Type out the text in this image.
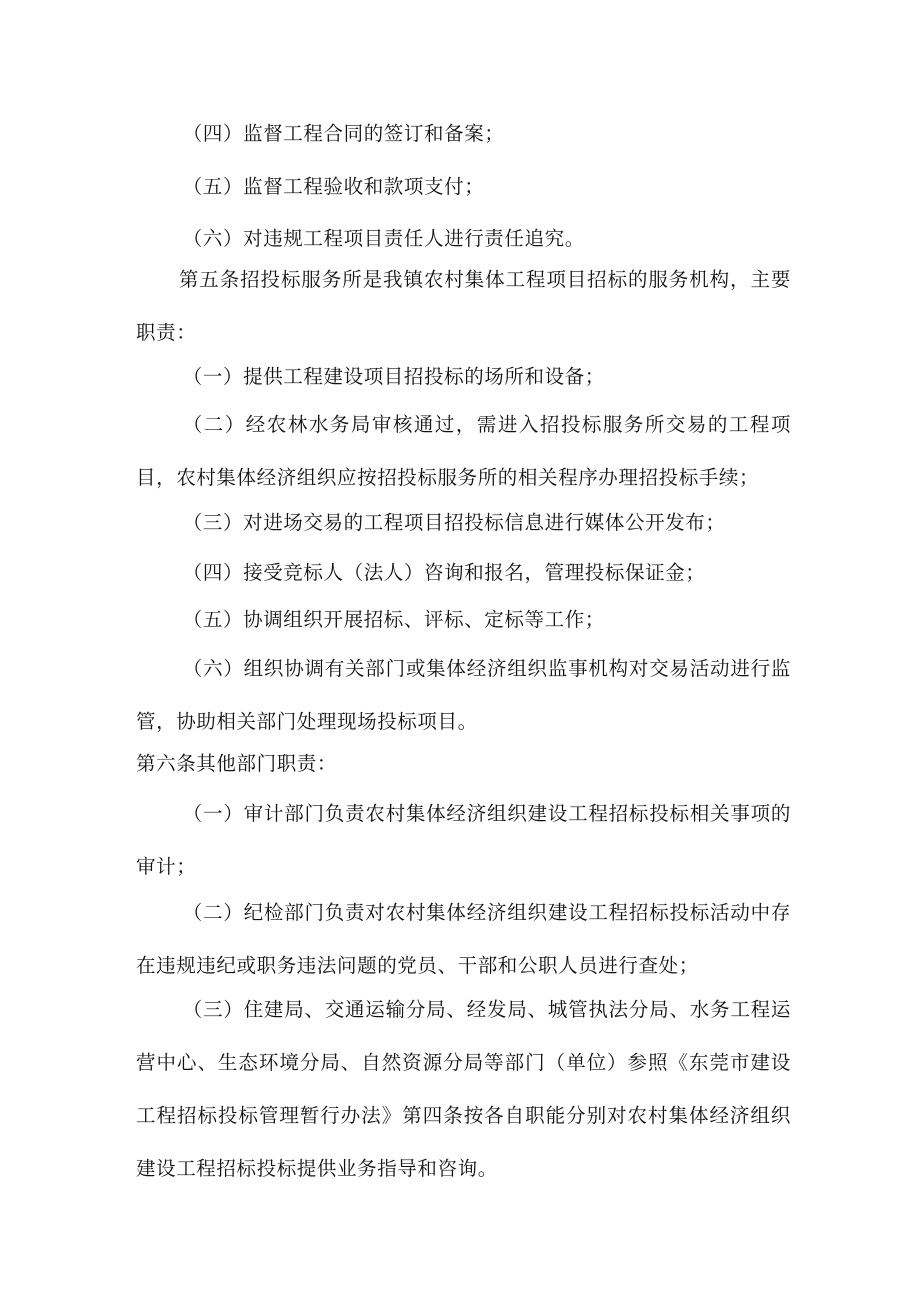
（四）监督工程合同的签订和备案；

（五）监督工程验收和款项支付；

（六）对违规工程项目责任人进行责任追究。

第五条招投标服务所是我镇农村集体工程项目招标的服务机构，主要职责：

（一）提供工程建设项目招投标的场所和设备；

（二）经农林水务局审核通过，需进入招投标服务所交易的工程项目，农村集体经济组织应按招投标服务所的相关程序办理招投标手续；

（三）对进场交易的工程项目招投标信息进行媒体公开发布；

（四）接受竞标人（法人）咨询和报名，管理投标保证金；

（五）协调组织开展招标、评标、定标等工作；

（六）组织协调有关部门或集体经济组织监事机构对交易活动进行监管，协助相关部门处理现场投标项目。

第六条其他部门职责：

（一）审计部门负责农村集体经济组织建设工程招标投标相关事项的审计；

（二）纪检部门负责对农村集体经济组织建设工程招标投标活动中存在违规违纪或职务违法问题的党员、干部和公职人员进行查处；

（三）住建局、交通运输分局、经发局、城管执法分局、水务工程运营中心、生态环境分局、自然资源分局等部门（单位）参照《东莞市建设工程招标投标管理暂行办法》第四条按各自职能分别对农村集体经济组织建设工程招标投标提供业务指导和咨询。
